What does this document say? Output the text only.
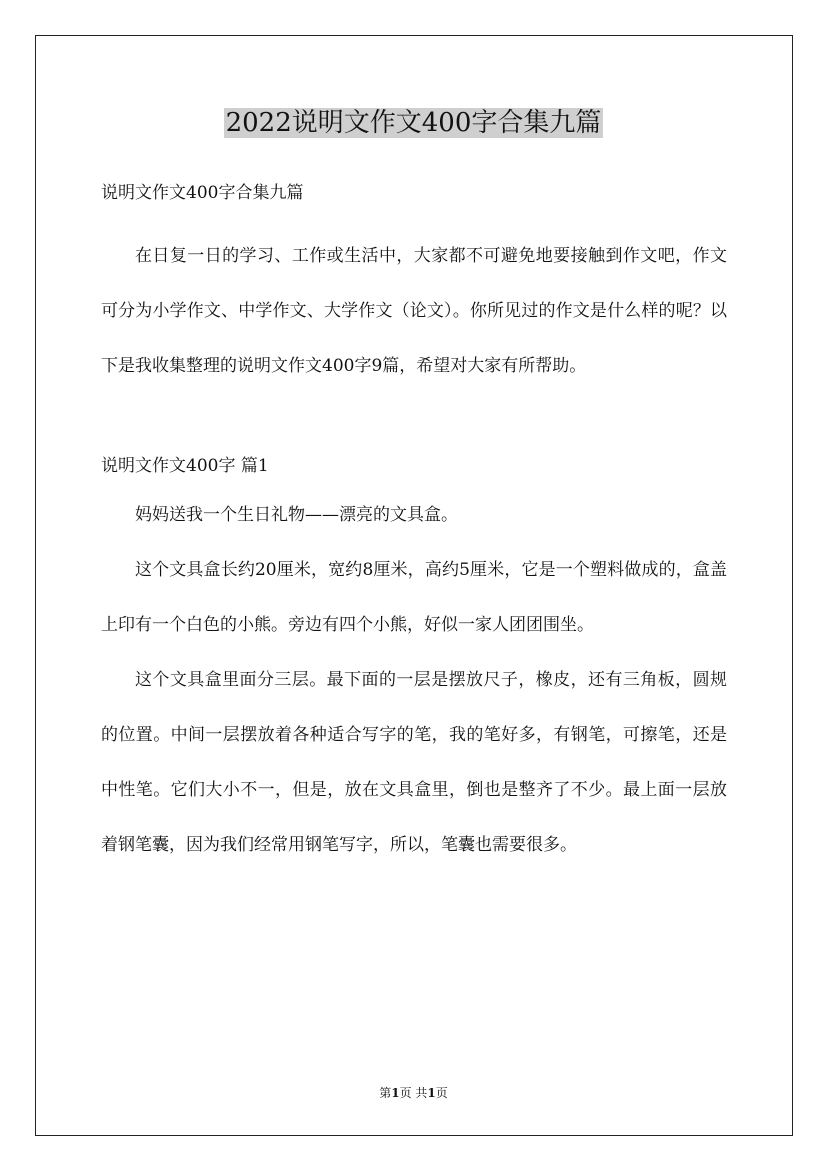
2022说明文作文400字合集九篇

说明文作文400字合集九篇

在日复一日的学习、工作或生活中，大家都不可避免地要接触到作文吧，作文可分为小学作文、中学作文、大学作文（论文）。你所见过的作文是什么样的呢？以下是我收集整理的说明文作文400字9篇，希望对大家有所帮助。

说明文作文400字 篇1

妈妈送我一个生日礼物——漂亮的文具盒。

这个文具盒长约20厘米，宽约8厘米，高约5厘米，它是一个塑料做成的，盒盖上印有一个白色的小熊。旁边有四个小熊，好似一家人团团围坐。

这个文具盒里面分三层。最下面的一层是摆放尺子，橡皮，还有三角板，圆规的位置。中间一层摆放着各种适合写字的笔，我的笔好多，有钢笔，可擦笔，还是中性笔。它们大小不一，但是，放在文具盒里，倒也是整齐了不少。最上面一层放着钢笔囊，因为我们经常用钢笔写字，所以，笔囊也需要很多。

第1页 共1页
